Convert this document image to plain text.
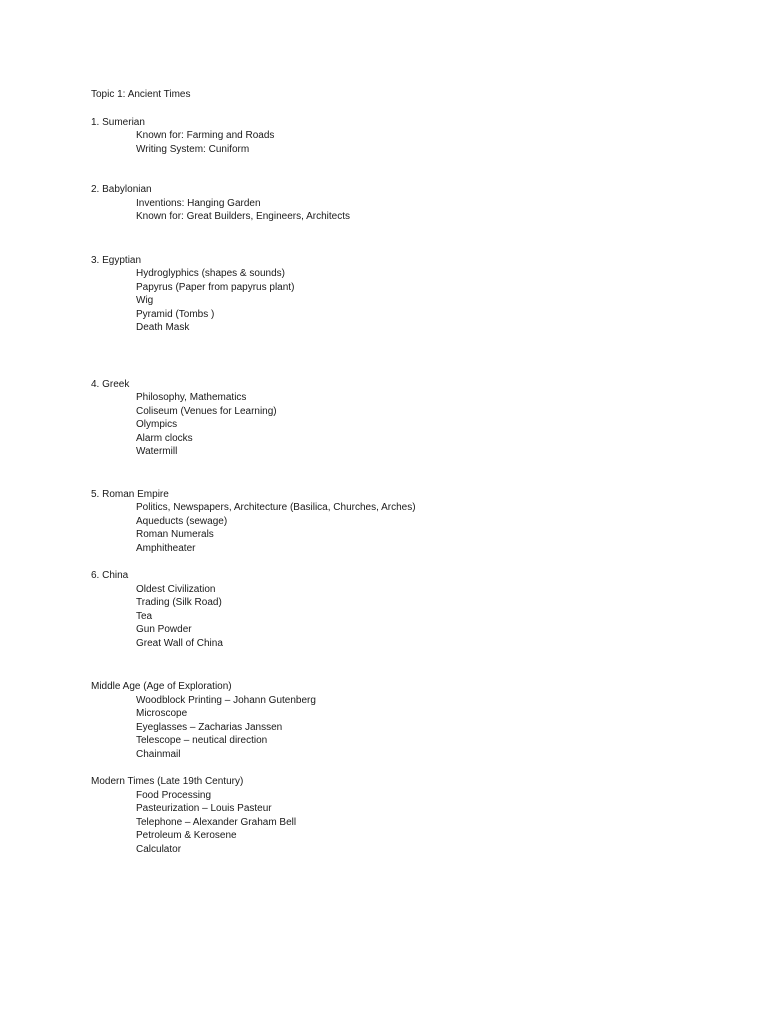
Topic 1: Ancient Times
1. Sumerian
Known for: Farming and Roads
Writing System: Cuniform
2. Babylonian
Inventions: Hanging Garden
Known for: Great Builders, Engineers, Architects
3. Egyptian
Hydroglyphics (shapes & sounds)
Papyrus (Paper from papyrus plant)
Wig
Pyramid (Tombs )
Death Mask
4. Greek
Philosophy, Mathematics
Coliseum (Venues for Learning)
Olympics
Alarm clocks
Watermill
5. Roman Empire
Politics, Newspapers, Architecture (Basilica, Churches, Arches)
Aqueducts (sewage)
Roman Numerals
Amphitheater
6. China
Oldest Civilization
Trading (Silk Road)
Tea
Gun Powder
Great Wall of China
Middle Age (Age of Exploration)
Woodblock Printing – Johann Gutenberg
Microscope
Eyeglasses – Zacharias Janssen
Telescope – neutical direction
Chainmail
Modern Times (Late 19th Century)
Food Processing
Pasteurization – Louis Pasteur
Telephone – Alexander Graham Bell
Petroleum & Kerosene
Calculator
